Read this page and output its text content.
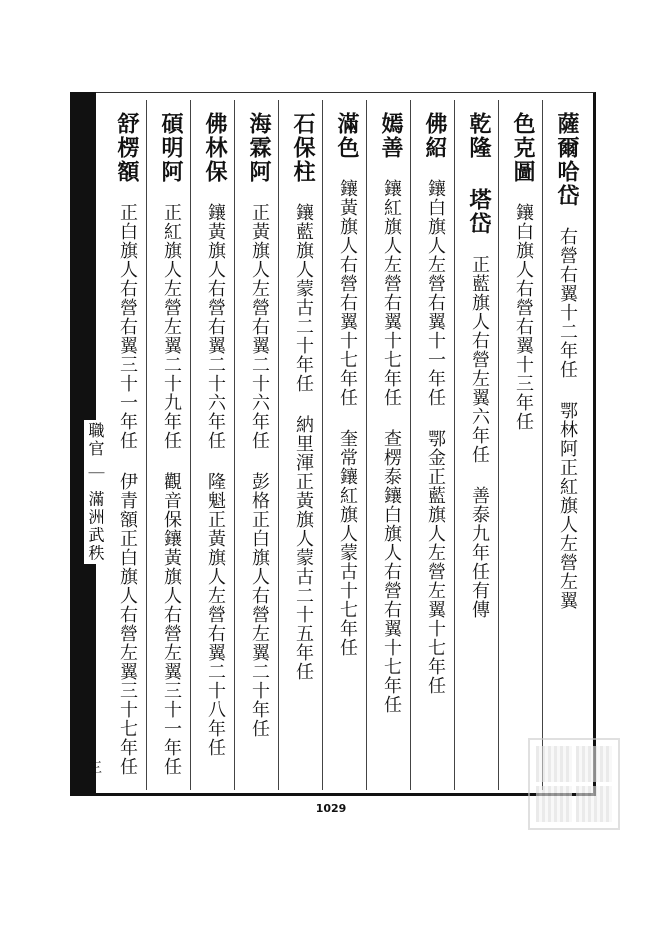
職官 ｜ 滿洲武秩
三
薩爾哈岱 右營右翼十二年任 鄂林阿正紅旗人左營左翼
色克圖 鑲白旗人右營右翼十三年任
乾隆 塔岱 正藍旗人右營左翼六年任 善泰九年任有傳
佛紹 鑲白旗人左營右翼十一年任 鄂金正藍旗人左營左翼十七年任
嫣善 鑲紅旗人左營右翼十七年任 查楞泰鑲白旗人右營右翼十七年任
滿色 鑲黃旗人右營右翼十七年任 奎常鑲紅旗人蒙古十七年任
石保柱 鑲藍旗人蒙古二十年任 納里渾正黃旗人蒙古二十五年任
海霖阿 正黃旗人左營右翼二十六年任 彭格正白旗人右營左翼二十年任
佛林保 鑲黃旗人右營右翼二十六年任 隆魁正黃旗人左營右翼二十八年任
碩明阿 正紅旗人左營左翼二十九年任 觀音保鑲黃旗人右營左翼三十一年任
舒楞額 正白旗人右營右翼三十一年任 伊青額正白旗人右營左翼三十七年任
1029
